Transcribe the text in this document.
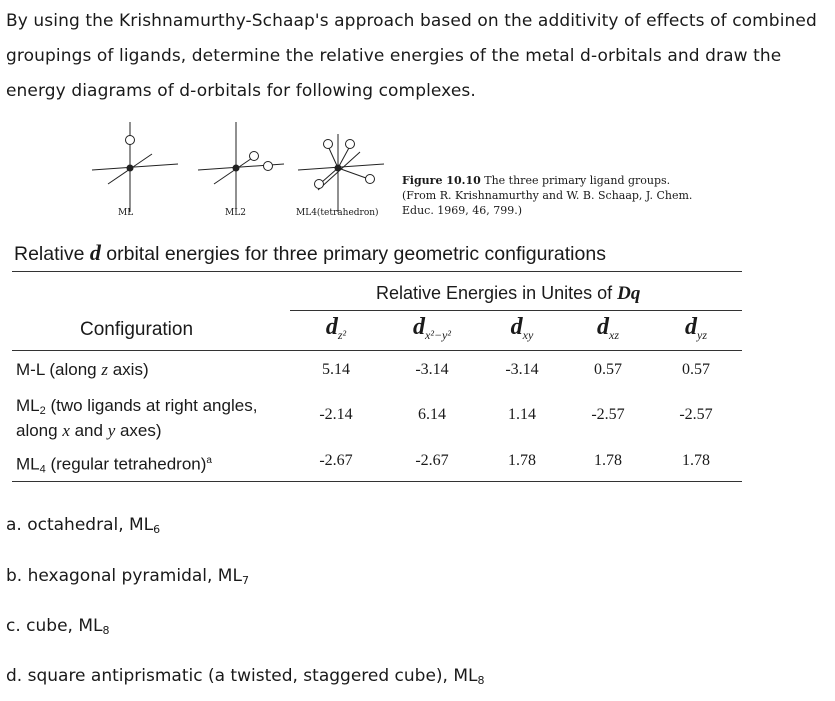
By using the Krishnamurthy-Schaap's approach based on the additivity of effects of combined groupings of ligands, determine the relative energies of the metal d-orbitals and draw the energy diagrams of d-orbitals for following complexes.

ML	ML2	ML4(tetrahedron)
Figure 10.10 The three primary ligand groups. (From R. Krishnamurthy and W. B. Schaap, J. Chem. Educ. 1969, 46, 799.)
Relative d orbital energies for three primary geometric configurations
Relative Energies in Unites of Dq
Configuration	$d_{z^2}$	$d_{x^2-y^2}$	$d_{xy}$	$d_{xz}$	$d_{yz}$
M-L (along z axis)	5.14	-3.14	-3.14	0.57	0.57
$ML_2$ (two ligands at right angles,
along x and y axes)
-2.14	6.14	1.14	-2.57	-2.57
$ML_4$ (regular tetrahedron)$^a$	-2.67	-2.67	1.78	1.78	1.78
a. octahedral, $ML_6$
b. hexagonal pyramidal, $ML_7$
c. cube, $ML_8$
d. square antiprismatic (a twisted, staggered cube), $ML_8$
